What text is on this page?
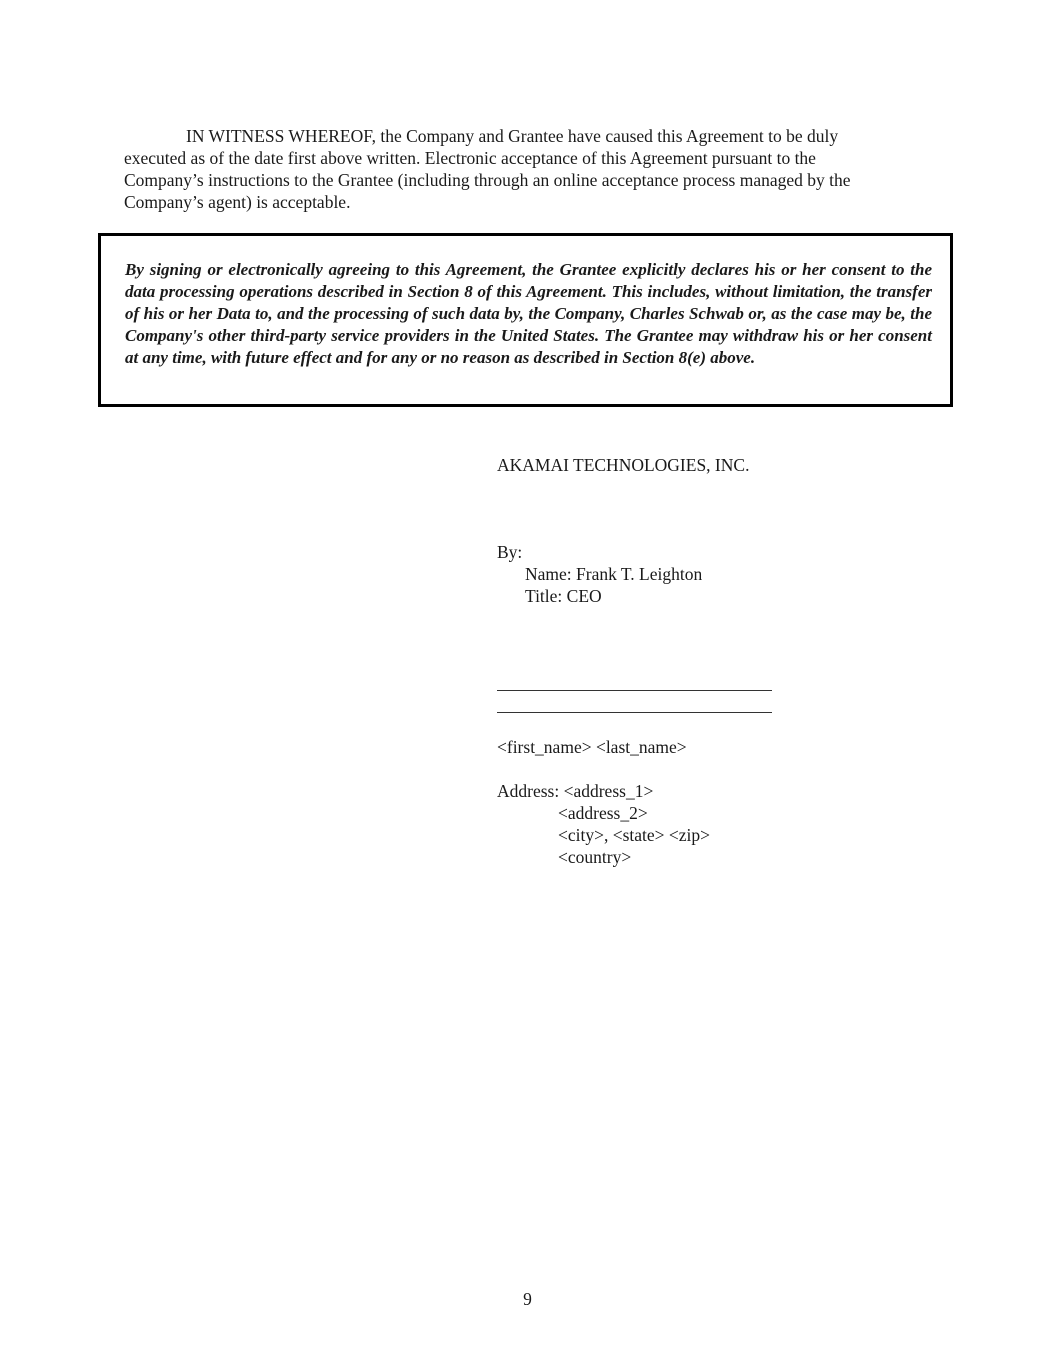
IN WITNESS WHEREOF, the Company and Grantee have caused this Agreement to be duly
executed as of the date first above written. Electronic acceptance of this Agreement pursuant to the
Company’s instructions to the Grantee (including through an online acceptance process managed by the
Company’s agent) is acceptable.

By signing or electronically agreeing to this Agreement, the Grantee explicitly declares his or her consent to the data processing operations described in Section 8 of this Agreement. This includes, without limitation, the transfer of his or her Data to, and the processing of such data by, the Company, Charles Schwab or, as the case may be, the Company's other third-party service providers in the United States. The Grantee may withdraw his or her consent at any time, with future effect and for any or no reason as described in Section 8(e) above.

AKAMAI TECHNOLOGIES, INC.
By:
Name: Frank T. Leighton
Title: CEO
<first_name> <last_name>
Address: <address_1>
<address_2>
<city>, <state> <zip>
<country>
9
